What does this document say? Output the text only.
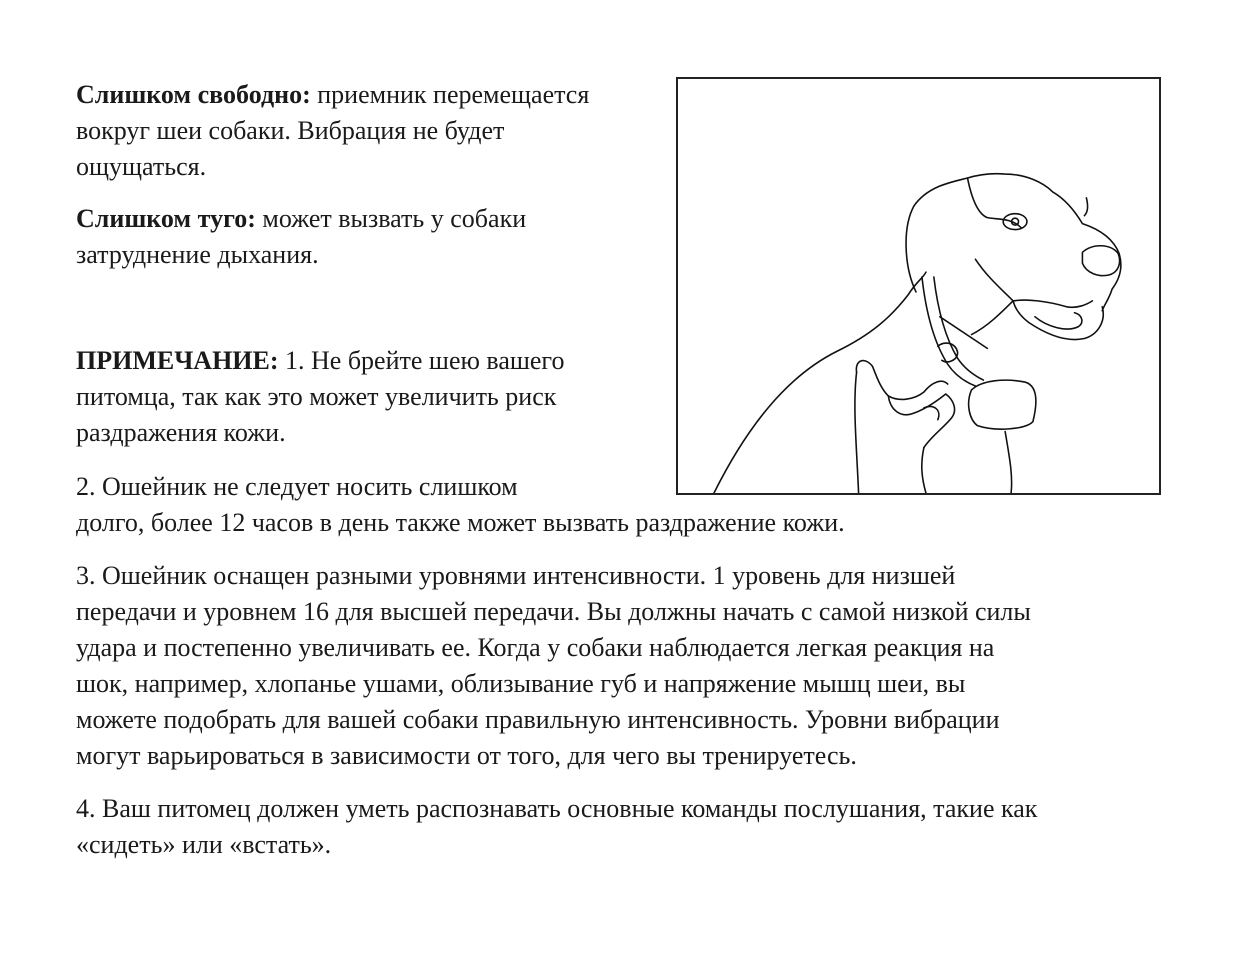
Слишком свободно: приемник перемещается
вокруг шеи собаки. Вибрация не будет
ощущаться.
Слишком туго: может вызвать у собаки
затруднение дыхания.
ПРИМЕЧАНИЕ: 1. Не брейте шею вашего
питомца, так как это может увеличить риск
раздражения кожи.
2. Ошейник не следует носить слишком
долго, более 12 часов в день также может вызвать раздражение кожи.
3. Ошейник оснащен разными уровнями интенсивности. 1 уровень для низшей
передачи и уровнем 16 для высшей передачи. Вы должны начать с самой низкой силы
удара и постепенно увеличивать ее. Когда у собаки наблюдается легкая реакция на
шок, например, хлопанье ушами, облизывание губ и напряжение мышц шеи, вы
можете подобрать для вашей собаки правильную интенсивность. Уровни вибрации
могут варьироваться в зависимости от того, для чего вы тренируетесь.
4. Ваш питомец должен уметь распознавать основные команды послушания, такие как
«сидеть» или «встать».
